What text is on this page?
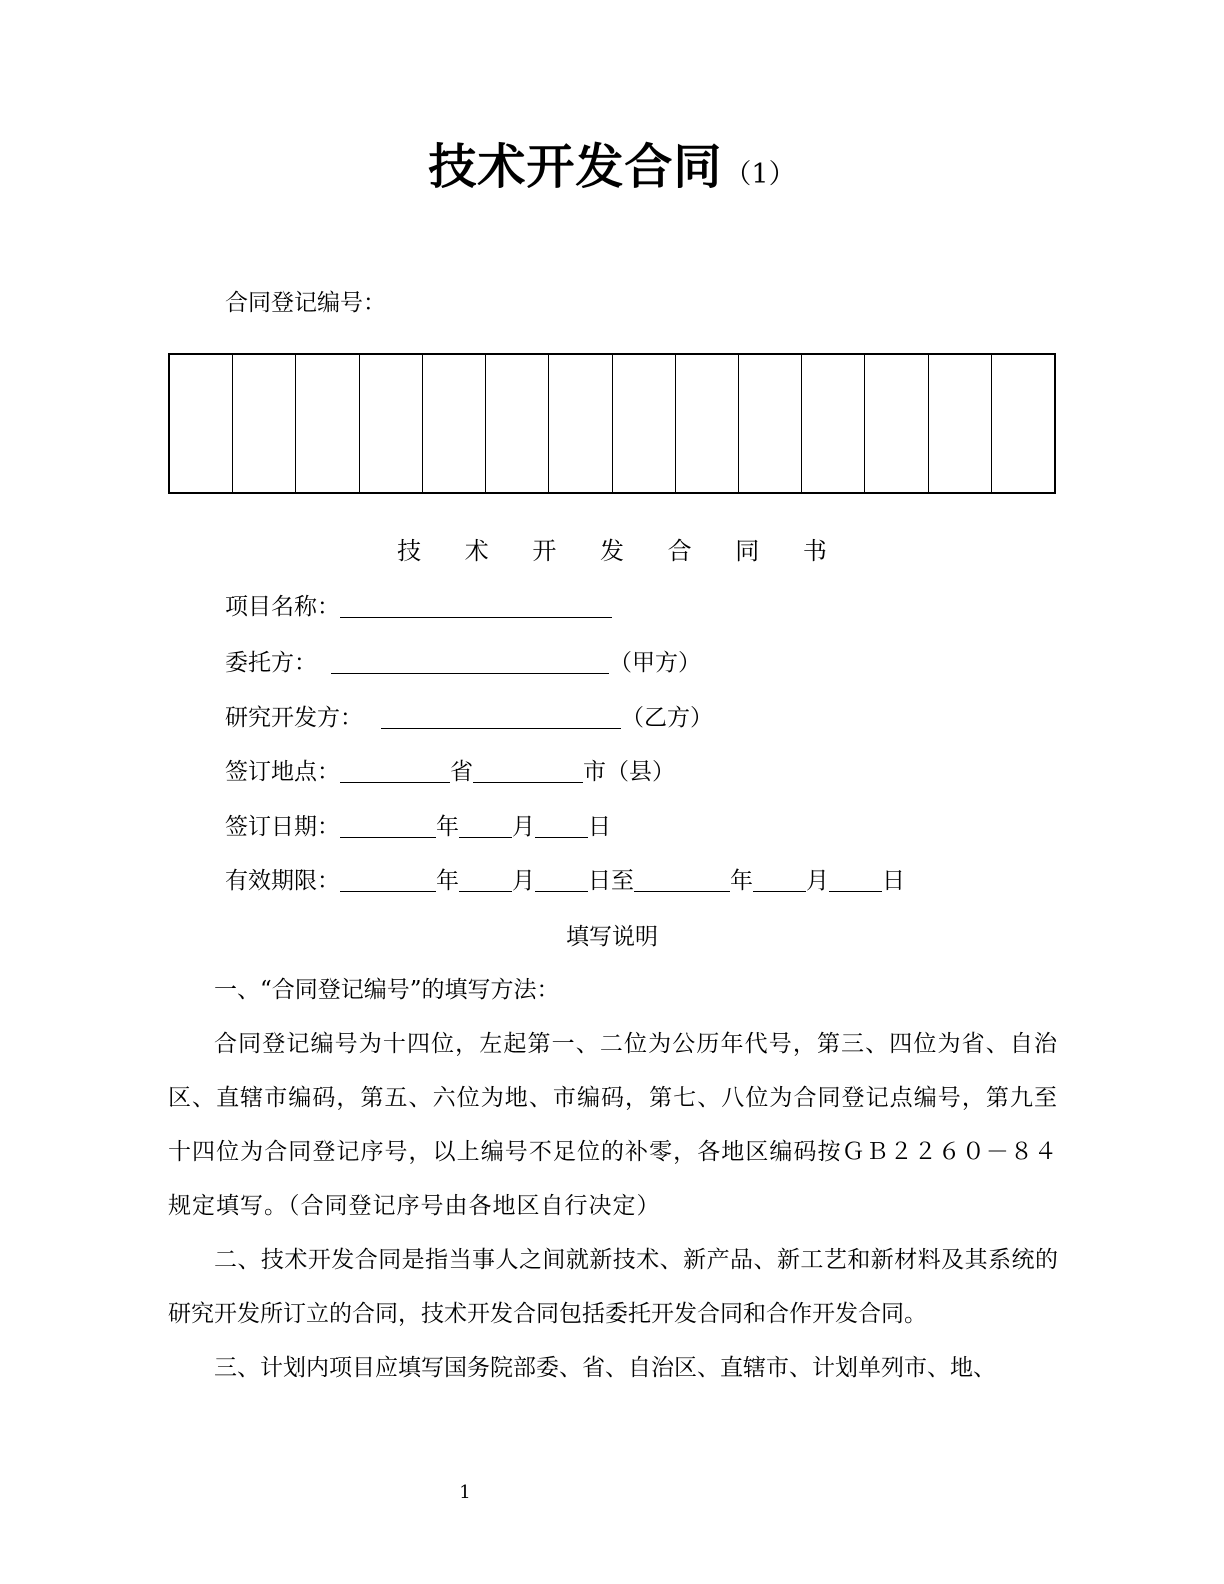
技术开发合同（1）
合同登记编号：
技 术 开 发 合 同 书
项目名称：
委托方：	（甲方）
研究开发方：	（乙方）
签订地点：	省	市（县）
签订日期：	年 月 日
有效期限：	年 月 日至	年 月 日
填写说明
一、“合同登记编号”的填写方法：
合同登记编号为十四位，左起第一、二位为公历年代号，第三、四位为省、自治区、直辖市编码，第五、六位为地、市编码，第七、八位为合同登记点编号，第九至十四位为合同登记序号，以上编号不足位的补零，各地区编码按ＧＢ２２６０－８４规定填写。（合同登记序号由各地区自行决定）
二、技术开发合同是指当事人之间就新技术、新产品、新工艺和新材料及其系统的研究开发所订立的合同，技术开发合同包括委托开发合同和合作开发合同。
三、计划内项目应填写国务院部委、省、自治区、直辖市、计划单列市、地、
1
